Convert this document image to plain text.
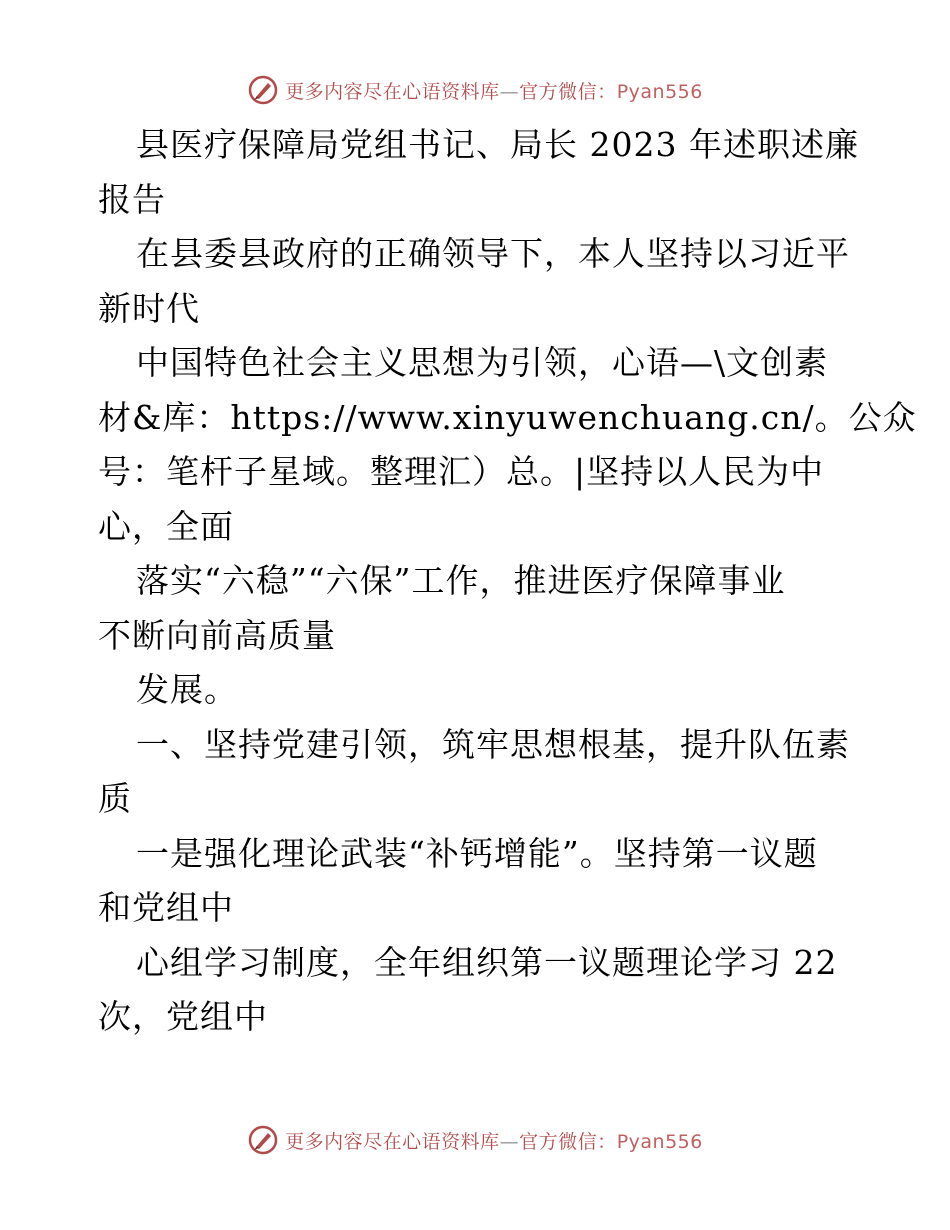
更多内容尽在心语资料库—官方微信：Pyan556
县医疗保障局党组书记、局长 2023 年述职述廉
报告
在县委县政府的正确领导下，本人坚持以习近平
新时代
中国特色社会主义思想为引领，心语—\文创素
材&库：https://www.xinyuwenchuang.cn/。公众
号：笔杆子星域。整理汇）总。|坚持以人民为中
心，全面
落实“六稳”“六保”工作，推进医疗保障事业
不断向前高质量
发展。
一、坚持党建引领，筑牢思想根基，提升队伍素
质
一是强化理论武装“补钙增能”。坚持第一议题
和党组中
心组学习制度，全年组织第一议题理论学习 22
次，党组中
更多内容尽在心语资料库—官方微信：Pyan556
